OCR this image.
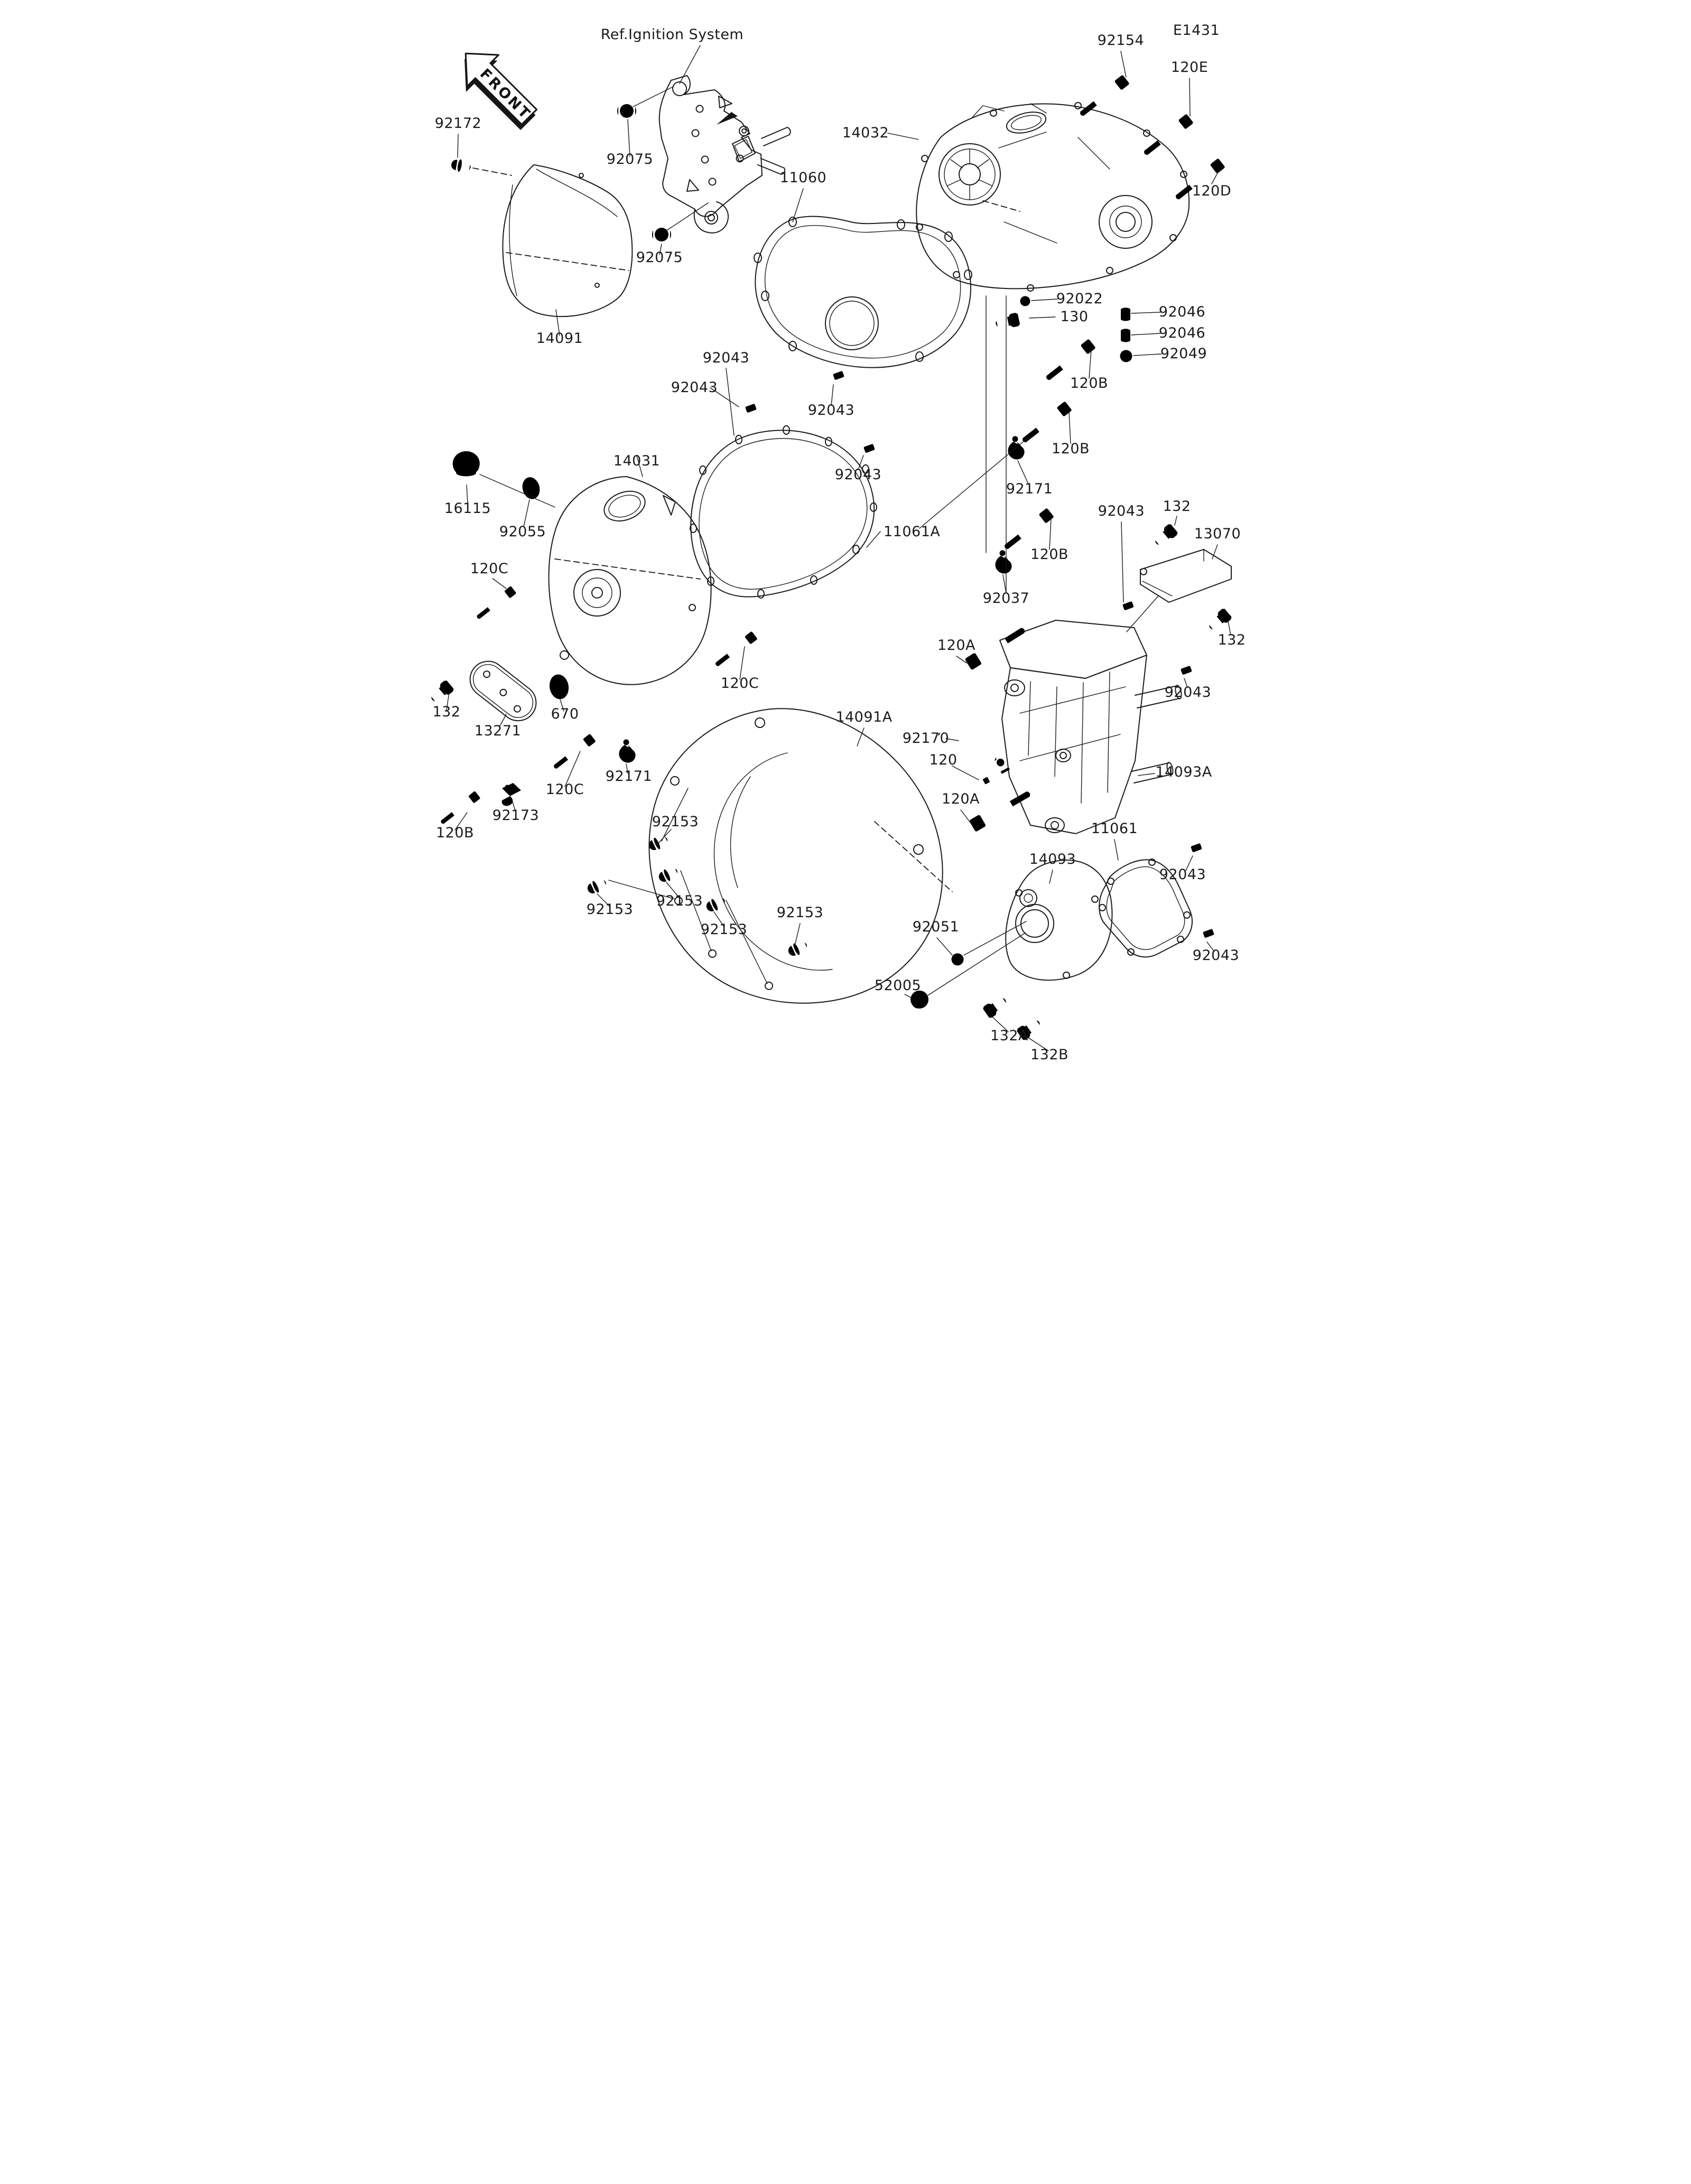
FRONT
Ref.Ignition System	E1431
92154
120E
14032
120D
92172
92075
92075
11060
14091
92043
92022
130	92046
92046
92049
120B
92043
92043
120B
92043
92171
16115
14031
92055	11061A
120C
92043 132
13070
92037
120B
120C
132
120A
92043
132
13271
670
92171
120C
92173
120B
14091A
92170
120
14093A
120A
92153	11061
14093
92043
92153
92153
92153
92153
92051
52005
92043
132A
132B
